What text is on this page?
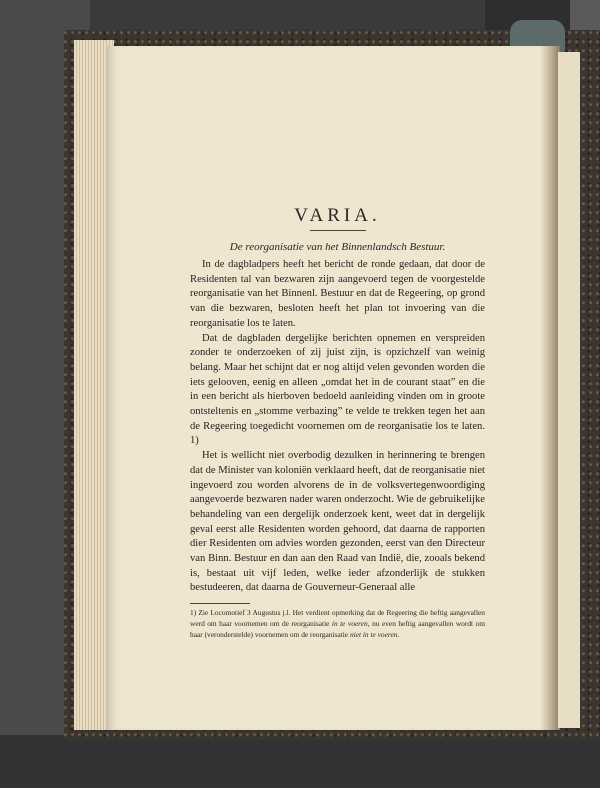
VARIA.
De reorganisatie van het Binnenlandsch Bestuur.

In de dagbladpers heeft het bericht de ronde gedaan, dat door de Residenten tal van bezwaren zijn aangevoerd tegen de voorgestelde reorganisatie van het Binnenl. Bestuur en dat de Regeering, op grond van die bezwaren, besloten heeft het plan tot invoering van die reorganisatie los te laten.

Dat de dagbladen dergelijke berichten opnemen en verspreiden zonder te onderzoeken of zij juist zijn, is opzichzelf van weinig belang. Maar het schijnt dat er nog altijd velen gevonden worden die iets gelooven, eenig en alleen „omdat het in de courant staat” en die in een bericht als hierboven bedoeld aanleiding vinden om in groote ontsteltenis en „stomme verbazing” te velde te trekken tegen het aan de Regeering toegedicht voornemen om de reorganisatie los te laten. 1)

Het is wellicht niet overbodig dezulken in herinnering te brengen dat de Minister van koloniën verklaard heeft, dat de reorganisatie niet ingevoerd zou worden alvorens de in de volksvertegenwoordiging aangevoerde bezwaren nader waren onderzocht. Wie de gebruikelijke behandeling van een dergelijk onderzoek kent, weet dat in dergelijk geval eerst alle Residenten worden gehoord, dat daarna de rapporten dier Residenten om advies worden gezonden, eerst van den Directeur van Binn. Bestuur en dan aan den Raad van Indië, die, zooals bekend is, bestaat uit vijf leden, welke ieder afzonderlijk de stukken bestudeeren, dat daarna de Gouverneur-Generaal alle

1) Zie Locomotief 3 Augustus j.l. Het verdient opmerking dat de Regeering die heftig aangevallen werd om haar voornemen om de reorganisatie in te voeren, nu even heftig aangevallen wordt om haar (veronderstelde) voornemen om de reorganisatie niet in te voeren.
